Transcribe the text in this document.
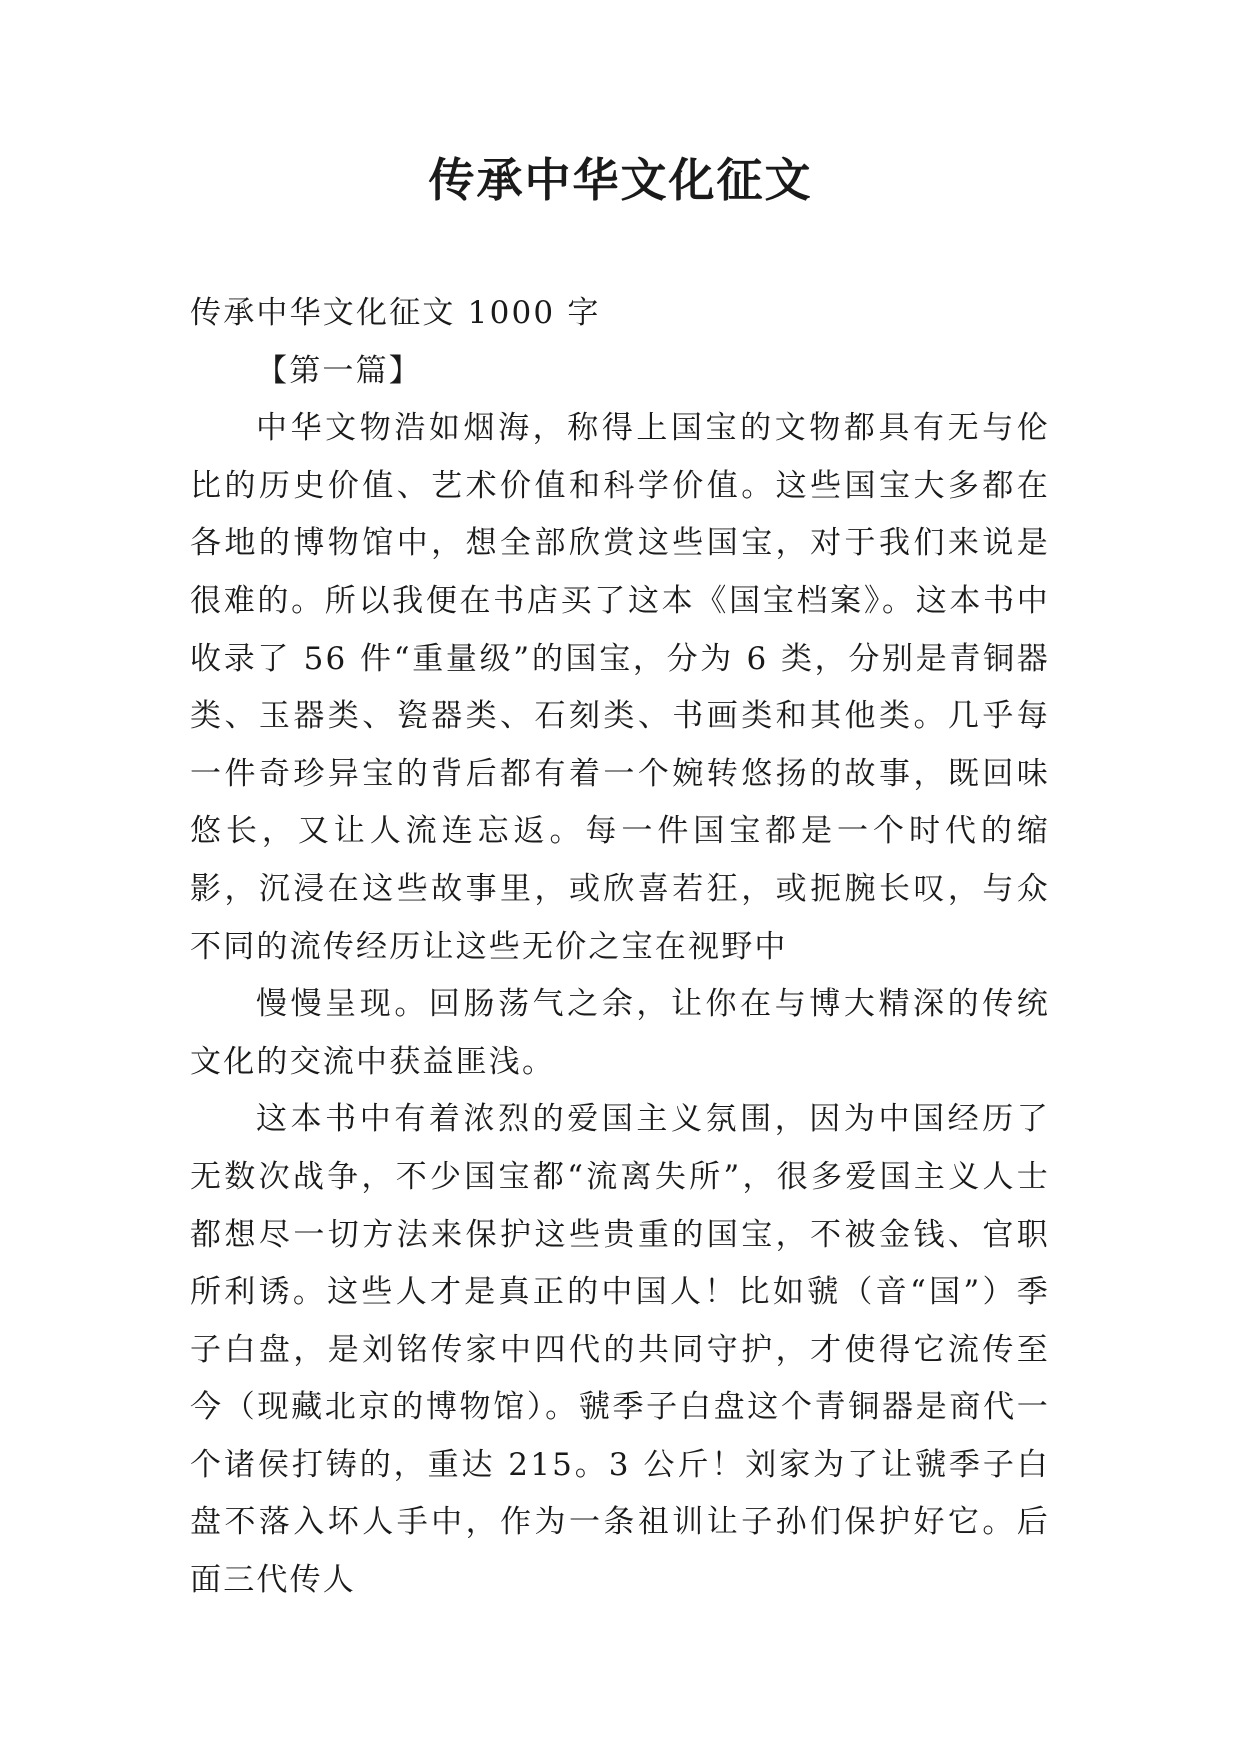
传承中华文化征文

传承中华文化征文 1000 字

【第一篇】

中华文物浩如烟海，称得上国宝的文物都具有无与伦比的历史价值、艺术价值和科学价值。这些国宝大多都在各地的博物馆中，想全部欣赏这些国宝，对于我们来说是很难的。所以我便在书店买了这本《国宝档案》。这本书中收录了 56 件“重量级”的国宝，分为 6 类，分别是青铜器类、玉器类、瓷器类、石刻类、书画类和其他类。几乎每一件奇珍异宝的背后都有着一个婉转悠扬的故事，既回味悠长，又让人流连忘返。每一件国宝都是一个时代的缩影，沉浸在这些故事里，或欣喜若狂，或扼腕长叹，与众不同的流传经历让这些无价之宝在视野中

慢慢呈现。回肠荡气之余，让你在与博大精深的传统文化的交流中获益匪浅。

这本书中有着浓烈的爱国主义氛围，因为中国经历了无数次战争，不少国宝都“流离失所”，很多爱国主义人士都想尽一切方法来保护这些贵重的国宝，不被金钱、官职所利诱。这些人才是真正的中国人！比如虢（音“国”）季子白盘，是刘铭传家中四代的共同守护，才使得它流传至今（现藏北京的博物馆）。虢季子白盘这个青铜器是商代一个诸侯打铸的，重达 215。3 公斤！刘家为了让虢季子白盘不落入坏人手中，作为一条祖训让子孙们保护好它。后面三代传人
